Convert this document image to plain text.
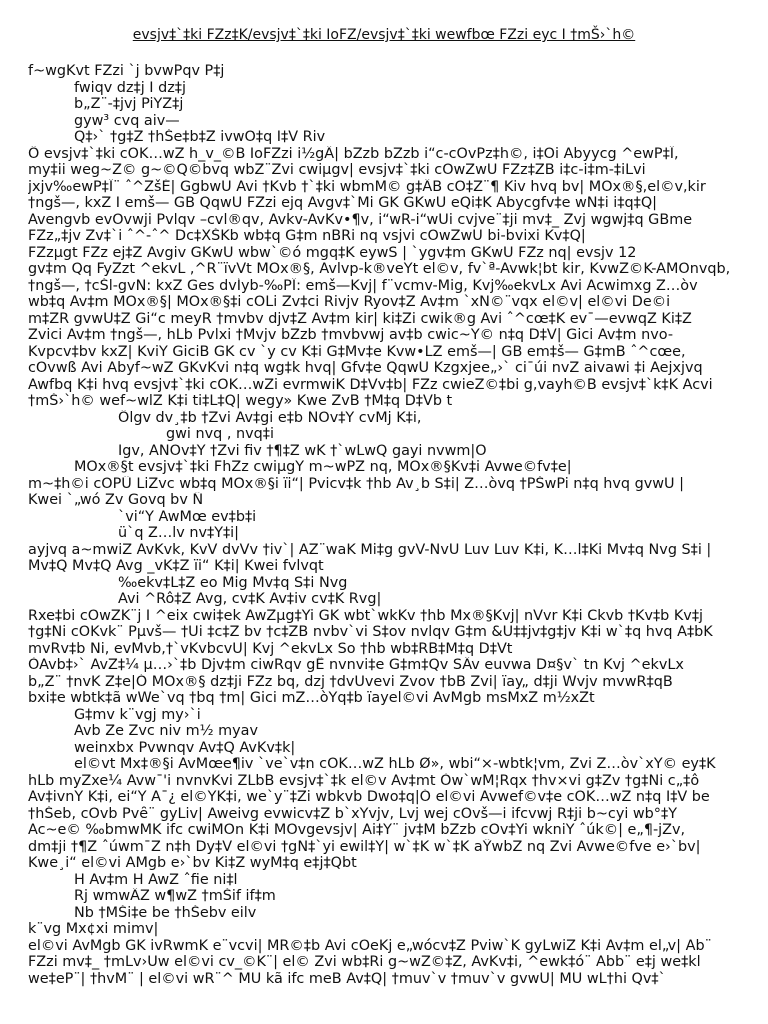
evsjv‡`‡ki FZz‡K/evsjv‡`‡ki IoFZ/evsjv‡`‡ki wewfbœ FZzi eyc I †mŠ›`h©
f~wgKvt FZzi `j bvwPqv P‡j
fwiqv dz‡j I dz‡j
b„Z¨-‡jvj PiYZ‡j
gyw³ cvq aiv—
Q‡›` †g‡Z †hŠe‡b‡Z ivwO‡q I‡V Riv
Ô evsjv‡`‡ki cÖK…wZ h_v_©B IoFZzi i½gÂ| bZzb bZzb i“c-cÖvPz‡h©, i‡Oi Abyycg ^ewP‡Î,
my‡ii weg~Z© g~©Q©bvq wbZ¨Zvi cwiµgv| evsjv‡`‡ki cÖwZwU FZz‡ZB i‡c-i‡m-‡iLvi
jxjv‰ewP‡Î¨ ˆ^ZšÉ| GgbwU Avi †Kvb †`‡ki wbmM© g‡ÂB cÖ‡Z¨¶ Kiv hvq bv| MÖx®§,el©v,kir
†ngš—, kxZ I emš— GB QqwU FZzi ejq Avgv‡`Mi GK GKwU eQi‡K Abycgfv‡e wN‡i i‡q‡Q|
Avengvb evOvwji Pvlqv –cvl®qv, Avkv-AvKv•¶v, i“wR-i“wUi cvjve¨‡ji mv‡_ Zvj wgwj‡q GBme
FZz„‡jv Zv‡`i ˆ^-ˆ^ Dc‡XŠKb wb‡q G‡m nBRi nq vsjvi cÖwZwU bi-bvixi Kv‡Q|
FZzµgt FZz ej‡Z Avgiv GKwU wbw`©ó mgq‡K eywS | `ygv‡m GKwU FZz nq| evsjv 12
gv‡m Qq FyZzt ^ekvL ,^R¨ïvVt MÖx®§, Avlvp-k®veYt el©v, fv`ª-Avwk¦bt kir, KvwZ©K-AMÖnvqb,
†ngš—, †cŠl-gvN: kxZ Ges dvÍyb-‰PÎ: emš—Kvj| f¨vcmv-Mig, Kvj‰ekvLx Avi Acwimxg Z…òv
wb‡q Av‡m MÖx®§| MÖx®§‡i cÖLi Zv‡ci Rivjv Ryov‡Z Av‡m `xN©¨vqx el©v| el©vi De©i
m‡ZR gvwU‡Z Gi“c meyR †mvbv djv‡Z Av‡m kir| ki‡Zi cwik®g Avi ˆ^cœ‡K ev¯—evwqZ Ki‡Z
Zvici Av‡m †ngš—, hLb Pvlxi †Mvjv bZzb †mvbvwj av‡b cwic~Y© n‡q D‡V| Gici Av‡m nvo-
Kvpcv‡bv kxZ| KviY GiciB GK cv `y cv K‡i G‡Mv‡e Kvw•LZ emš—| GB em‡š— G‡mB ˆ^cœe,
cÖvwß Avi Abyf~wZ GKvKvi n‡q wg‡k hvq| Gfv‡e QqwU Kzgxjee„›` ci¯úi nvZ aivawi ‡i Aejxjvq
Awfbq K‡i hvq evsjv‡`‡ki cÖK…wZi evrmwiK D‡Vv‡b| FZz cwieZ©‡bi g,vayh©B evsjv‡`k‡K Acvi
†mŠ›`h© wef~wlZ K‡i ti‡L‡Q| wegy» Kwe ZvB †M‡q D‡Vb t
Ôlgv dv¸‡b †Zvi Av‡gi e‡b NÖv‡Y cvMj K‡i,
gwi nvq , nvq‡i
Igv, ANÖv‡Y †Zvi fiv †¶‡Z wK †`wLwQ gayi nvwm|Õ
MÖx®§t evsjv‡`‡ki FhZz cwiµgY m~wPZ nq, MÖx®§Kv‡i Avwe©fv‡e|
m~‡h©i cÖPÛ LiZvc wb‡q MÖx®§i ïi“| Pvicv‡k †hb Av¸b S‡i| Z…òvq †PŠwPi n‡q hvq gvwU |
Kwei `„wó Zv Govq bv Ñ
`vi“Y AwMœ ev‡b‡i
ü`q Z…lv nv‡Y‡i|
ayjvq a~mwiZ AvKvk, KvV dvVv †iv`| AZ¨waK Mi‡g gvV-NvU Luv Luv K‡i, K…l‡Ki Mv‡q Nvg S‡i |
Mv‡Q Mv‡Q Avg _vK‡Z ïi“ K‡i| Kwei fvlvqt
‰ekv‡L‡Z eo Mig Mv‡q S‡i Nvg
Avi ^Rô‡Z Avg, cv‡K Av‡iv cv‡K Rvg|
Rxe‡bi cÖwZK¨j I ^eix cwi‡ek AwZµg‡Yi GK wbt`wkKv †hb Mx®§Kvj| nVvr K‡i Ckvb †Kv‡b Kv‡j
†g‡Ni cÖKvk¨ Pµvš— †Ui ‡c‡Z bv †c‡ZB nvbv`vi S‡ov nvlqv G‡m &U‡‡jv‡g‡jv K‡i w`‡q hvq A‡bK
mvRv‡b Ni, evMvb,†`vKvbcvU| Kvj ^ekvLx So †hb wb‡RB‡M‡q D‡Vt
ÒAvb‡›` AvZ‡¼ µ…›`‡b Djv‡m ciwRqv gË nvnvi‡e G‡m‡Qv SÂv euvwa D¤§v` tn Kvj ^ekvLx
b„Z¨ †nvK Z‡e|Ó MÖx®§ dz‡ji FZz bq, dzj †dvUvevi Zvov †bB Zvi| ïay„ d‡ji Wvjv mvwR‡qB
bxi‡e wbtk‡ã wWe`vq †bq †m| Gici mZ…òYq‡b ïayel©vi AvMgb msMxZ m½xZt
G‡mv k¨vgj my›`i
Avb Ze Zvc niv m½ myav
weinxbx Pvwnqv Av‡Q AvKv‡k|
el©vt Mx‡®§i AvMœe¶iv `ve`v‡n cÖK…wZ hLb Ø», wbi“×-wbtk¦vm, Zvi Z…òv`xY© ey‡K
hLb myZxe¼ Avw¯'i nvnvKvi ZLbB evsjv‡`‡k el©v Av‡mt Òw`wM¦Rqx †hv×vi g‡Zv †g‡Ni c„‡ô
Av‡ivnY K‡i, ei“Y A¯¿ el©YK‡i, we`y¨‡Zi wbkvb Dwo‡q|Ó el©vi Avwef©v‡e cÖK…wZ n‡q I‡V be
†hŠeb, cÖvb Pvȇ¨ gyLiv| Aweivg evwicv‡Z b`xYvjv, Lvj wej cÖvš—i ifcvwj R‡ji b~cyi wb°‡Y
Ac~e© ‰bmwMK ifc cwiMÖn K‡i MÖvgevsjv| Ai‡Y¨ jv‡M bZzb cÖv‡Yi wkniY ˆúk©| e„¶-jZv,
dm‡ji †¶Z ˆúwm¯Z n‡h Dy‡V el©vi †gN‡`yi ewil‡Y| w`‡K w`‡K aŸwbZ nq Zvi Avwe©fve e›`bv|
Kwe¸i“ el©vi AMgb e›`bv Ki‡Z wyM‡q e‡j‡Qbt
H Av‡m H AwZ ˆfie ni‡l
Rj wmwÂZ w¶wZ †mŠif if‡m
Nb †MŠi‡e be †hŠebv eilv
k¨vg Mx¢xi mimv|
el©vi AvMgb GK ivRwmK e¨vcvi| MR©‡b Avi cÖeKj e„wócv‡Z Pviw`K gyLwiZ K‡i Av‡m el„v| Ab¨
FZzi mv‡_ †mLv›Uw el©vi cv_©K¨| el© Zvi wb‡Ri g~wZ©‡Z, AvKv‡i, ^ewk‡ó¨ Abb¨ e‡j we‡kl
we‡eP¨| †hvM¨ | el©vi wR¨^ MÜ kã ifc meB Av‡Q| †muv`v †muv`v gvwU| MÜ wL†hi Qv‡`
